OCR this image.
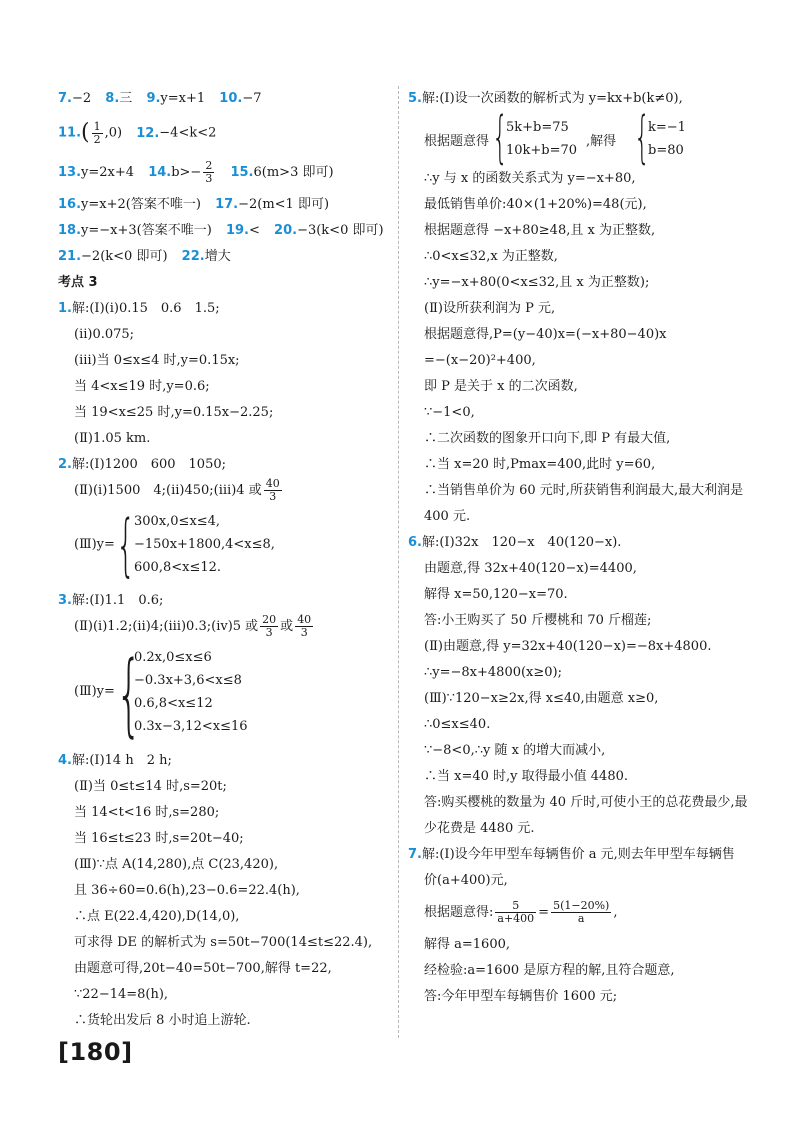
7.−2 8.三 9.y=x+1 10.−7
$11.( \frac{1}{2} ,0)$ 12.−4<k<2
13.y=2x+4 $14.b>- \frac{2}{3} 15.6(m>3$ 即可)
16.y=x+2(答案不唯一) 17.−2(m<1 即可)
18.y=−x+3(答案不唯一) 19.< 20.−3(k<0 即可)
21.−2(k<0 即可) 22.增大
考点 3
1.解:(Ⅰ)(ⅰ)0.15　0.6　1.5;
(ⅱ)0.075;
(ⅲ)当 0≤x≤4 时,y=0.15x;
当 4<x≤19 时,y=0.6;
当 19<x≤25 时,y=0.15x−2.25;
(Ⅱ)1.05 km.
2.解:(Ⅰ)1200　600　1050;
(Ⅱ)(ⅰ)1500　4;(ⅱ)450;(ⅲ)4 或 $\frac{40}{3}$
(Ⅲ)y= {
300x,0≤x≤4,
−150x+1800,4<x≤8,
600,8<x≤12.
3.解:(Ⅰ)1.1　0.6;
(Ⅱ)(ⅰ)1.2;(ⅱ)4;(ⅲ)0.3;(ⅳ)5 或 $\frac{20}{3}$ 或 $\frac{40}{3}$
(Ⅲ)y= {
0.2x,0≤x≤6
−0.3x+3,6<x≤8
0.6,8<x≤12
0.3x−3,12<x≤16
4.解:(Ⅰ)14 h　2 h;
(Ⅱ)当 0≤t≤14 时,s=20t;
当 14<t<16 时,s=280;
当 16≤t≤23 时,s=20t−40;
(Ⅲ)∵点 A(14,280),点 C(23,420),
且 36÷60=0.6(h),23−0.6=22.4(h),
∴点 E(22.4,420),D(14,0),
可求得 DE 的解析式为 s=50t−700(14≤t≤22.4),
由题意可得,20t−40=50t−700,解得 t=22,
∵22−14=8(h),
∴货轮出发后 8 小时追上游轮.
5.解:(Ⅰ)设一次函数的解析式为 y=kx+b(k≠0),
根据题意得 {
5k+b=75
10k+b=70
,解得 {
k=−1
b=80
∴y 与 x 的函数关系式为 y=−x+80,
最低销售单价:40×(1+20%)=48(元),
根据题意得 −x+80≥48,且 x 为正整数,
∴0<x≤32,x 为正整数,
∴y=−x+80(0<x≤32,且 x 为正整数);
(Ⅱ)设所获利润为 P 元,
根据题意得,P=(y−40)x=(−x+80−40)x
=−(x−20)²+400,
即 P 是关于 x 的二次函数,
∵−1<0,
∴二次函数的图象开口向下,即 P 有最大值,
∴当 x=20 时,Pmax=400,此时 y=60,
∴当销售单价为 60 元时,所获销售利润最大,最大利润是
400 元.
6.解:(Ⅰ)32x　120−x　40(120−x).
由题意,得 32x+40(120−x)=4400,
解得 x=50,120−x=70.
答:小王购买了 50 斤樱桃和 70 斤榴莲;
(Ⅱ)由题意,得 y=32x+40(120−x)=−8x+4800.
∴y=−8x+4800(x≥0);
(Ⅲ)∵120−x≥2x,得 x≤40,由题意 x≥0,
∴0≤x≤40.
∵−8<0,∴y 随 x 的增大而减小,
∴当 x=40 时,y 取得最小值 4480.
答:购买樱桃的数量为 40 斤时,可使小王的总花费最少,最
少花费是 4480 元.
7.解:(Ⅰ)设今年甲型车每辆售价 a 元,则去年甲型车每辆售
价(a+400)元,
根据题意得: $\frac{5}{a+400} = \frac{5(1-20\%)}{a}$ ,
解得 a=1600,
经检验:a=1600 是原方程的解,且符合题意,
答:今年甲型车每辆售价 1600 元;
[180]
